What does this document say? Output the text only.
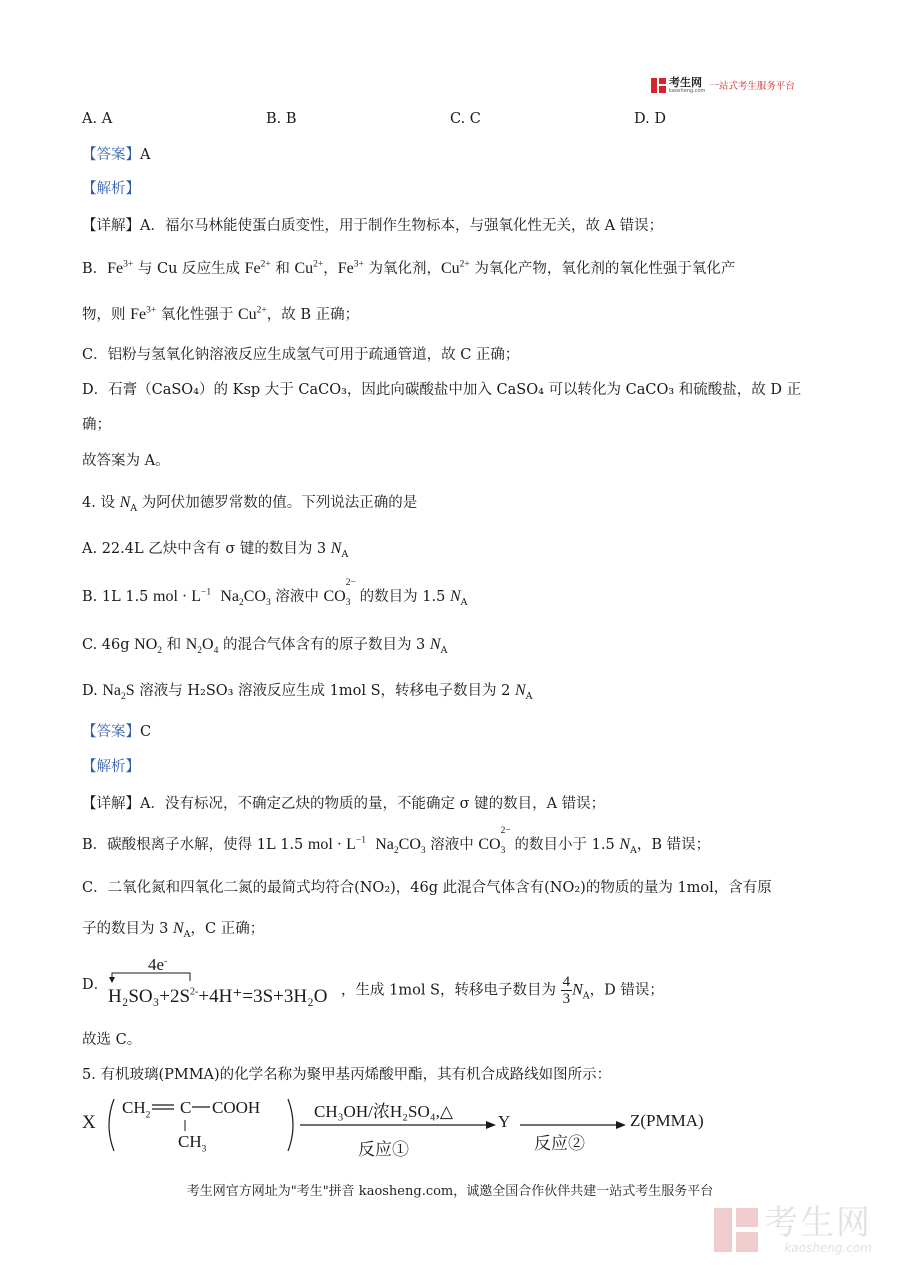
考生网
kaosheng.com 一站式考生服务平台
A. A	B. B	C. C	D. D
【答案】A
【解析】
【详解】A．福尔马林能使蛋白质变性，用于制作生物标本，与强氧化性无关，故 A 错误；
B．$Fe^{3+}$ 与 Cu 反应生成 $Fe^{2+}$ 和 $Cu^{2+}$，$Fe^{3+}$ 为氧化剂，$Cu^{2+}$ 为氧化产物，氧化剂的氧化性强于氧化产
物，则 $Fe^{3+}$ 氧化性强于 $Cu^{2+}$，故 B 正确；
C．铝粉与氢氧化钠溶液反应生成氢气可用于疏通管道，故 C 正确；
D．石膏（CaSO₄）的 Ksp 大于 CaCO₃，因此向碳酸盐中加入 CaSO₄ 可以转化为 CaCO₃ 和硫酸盐，故 D 正
确；
故答案为 A。
4. 设 $N_A$ 为阿伏加德罗常数的值。下列说法正确的是
A. 22.4L 乙炔中含有 σ 键的数目为 3 $N_A$
B. 1L 1.5 mol · $L^{-1}$ $Na_2CO_3$ 溶液中 CO
$_{2- 3}$  的数目为 1.5 $N_A$
C. 46g $NO_2$ 和 $N_2O_4$ 的混合气体含有的原子数目为 3 $N_A$
D. $Na_2S$ 溶液与 H₂SO₃ 溶液反应生成 1mol S，转移电子数目为 2 $N_A$
【答案】C
【解析】
【详解】A．没有标况，不确定乙炔的物质的量，不能确定 σ 键的数目，A 错误；
B．碳酸根离子水解，使得 1L 1.5 mol · $L^{-1}$ $Na_2CO_3$ 溶液中 CO
$_{2- 3}$  的数目小于 1.5 $N_A$，B 错误；
C．二氧化氮和四氧化二氮的最简式均符合(NO₂)，46g 此混合气体含有(NO₂)的物质的量为 1mol，含有原
子的数目为 3 $N_A$，C 正确；
D．
4e-
$H_2SO_3+2S^{2-}+4H^+=3S+3H_2O$ ，生成 1mol S，转移电子数目为 $\frac{4}{3} N_A$，D 错误；
故选 C。
5. 有机玻璃(PMMA)的化学名称为聚甲基丙烯酸甲酯，其有机合成路线如图所示：
X
$CH_2$ C COOH
$CH_3$
CH₃OH/浓H₂SO₄,△
反应①
Y
反应②
Z(PMMA)
考生网官方网址为"考生"拼音 kaosheng.com，诚邀全国合作伙伴共建一站式考生服务平台
考生网
kaosheng.com
